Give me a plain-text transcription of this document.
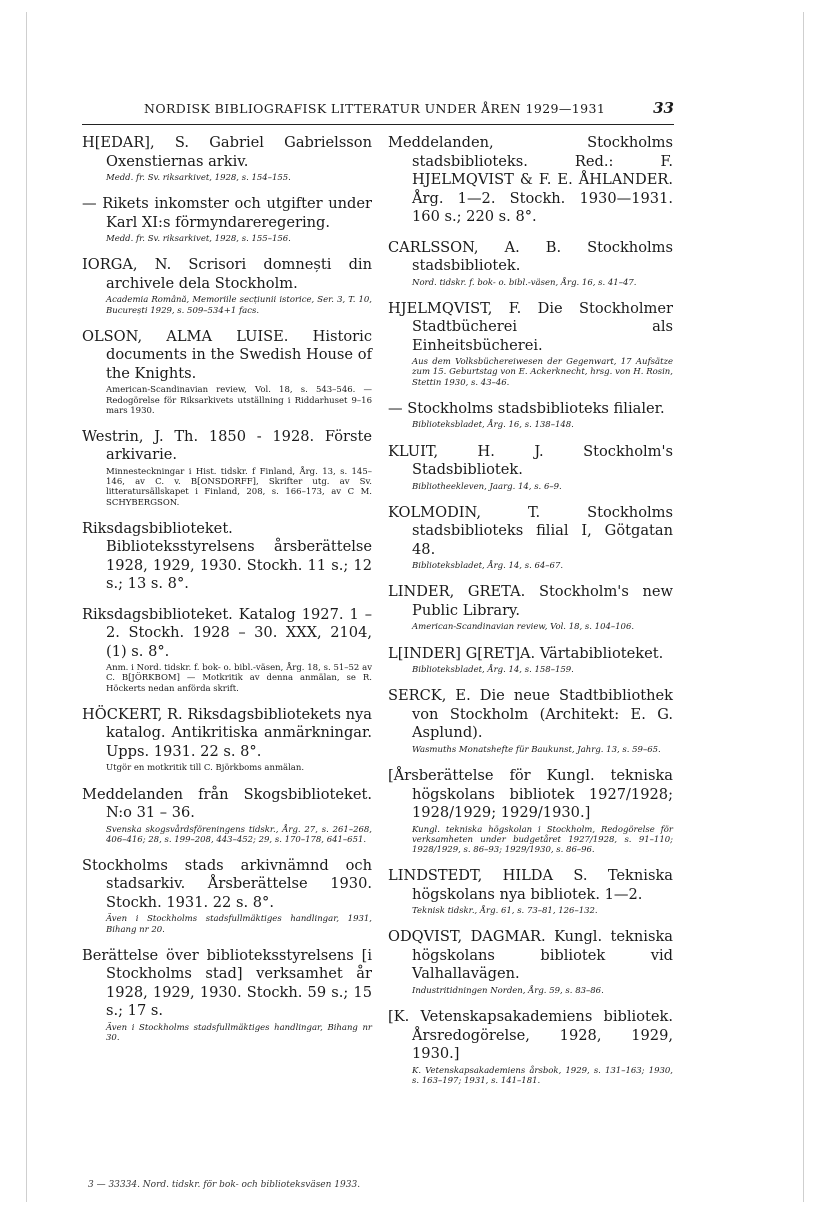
NORDISK BIBLIOGRAFISK LITTERATUR UNDER ÅREN 1929—1931	33
H[EDAR], S. Gabriel Gabrielsson Oxenstiernas arkiv.
Medd. fr. Sv. riksarkivet, 1928, s. 154–155.
— Rikets inkomster och utgifter under Karl XI:s förmyndareregering.
Medd. fr. Sv. riksarkivet, 1928, s. 155–156.
IORGA, N. Scrisori domnești din archivele dela Stockholm.
Academia Română, Memoriile secțiunii istorice, Ser. 3, T. 10, București 1929, s. 509–534+1 facs.
OLSON, ALMA LUISE. Historic documents in the Swedish House of the Knights.
American-Scandinavian review, Vol. 18, s. 543–546. — Redogörelse för Riksarkivets utställning i Riddarhuset 9–16 mars 1930.
Westrin, J. Th. 1850 - 1928. Förste arkivarie.
Minnesteckningar i Hist. tidskr. f Finland, Årg. 13, s. 145–146, av C. v. B[ONSDORFF], Skrifter utg. av Sv. litteratursällskapet i Finland, 208, s. 166–173, av C M. SCHYBERGSON.
Riksdagsbiblioteket. Biblioteksstyrelsens årsberättelse 1928, 1929, 1930. Stockh. 11 s.; 12 s.; 13 s. 8°.
Riksdagsbiblioteket. Katalog 1927. 1 – 2. Stockh. 1928 – 30. XXX, 2104, (1) s. 8°.
Anm. i Nord. tidskr. f. bok- o. bibl.-väsen, Årg. 18, s. 51–52 av C. B[JÖRKBOM] — Motkritik av denna anmälan, se R. Höckerts nedan anförda skrift.
HÖCKERT, R. Riksdagsbibliotekets nya katalog. Antikritiska anmärkningar. Upps. 1931. 22 s. 8°.
Utgör en motkritik till C. Björkboms anmälan.
Meddelanden från Skogsbiblioteket. N:o 31 – 36.
Svenska skogsvårdsföreningens tidskr., Årg. 27, s. 261–268, 406–416; 28, s. 199–208, 443–452; 29, s. 170–178, 641–651.
Stockholms stads arkivnämnd och stadsarkiv. Årsberättelse 1930. Stockh. 1931. 22 s. 8°.
Även i Stockholms stadsfullmäktiges handlingar, 1931, Bihang nr 20.
Berättelse över biblioteksstyrelsens [i Stockholms stad] verksamhet år 1928, 1929, 1930. Stockh. 59 s.; 15 s.; 17 s.
Även i Stockholms stadsfullmäktiges handlingar, Bihang nr 30.
Meddelanden, Stockholms stadsbiblioteks. Red.: F. HJELMQVIST & F. E. ÅHLANDER. Årg. 1—2. Stockh. 1930—1931. 160 s.; 220 s. 8°.
CARLSSON, A. B. Stockholms stadsbibliotek.
Nord. tidskr. f. bok- o. bibl.-väsen, Årg. 16, s. 41–47.
HJELMQVIST, F. Die Stockholmer Stadtbücherei als Einheitsbücherei.
Aus dem Volksbüchereiwesen der Gegenwart, 17 Aufsätze zum 15. Geburtstag von E. Ackerknecht, hrsg. von H. Rosin, Stettin 1930, s. 43–46.
— Stockholms stadsbiblioteks filialer.
Biblioteksbladet, Årg. 16, s. 138–148.
KLUIT, H. J. Stockholm's Stadsbibliotek.
Bibliotheekleven, Jaarg. 14, s. 6–9.
KOLMODIN, T. Stockholms stadsbiblioteks filial I, Götgatan 48.
Biblioteksbladet, Årg. 14, s. 64–67.
LINDER, GRETA. Stockholm's new Public Library.
American-Scandinavian review, Vol. 18, s. 104–106.
L[INDER] G[RET]A. Värtabiblioteket.
Biblioteksbladet, Årg. 14, s. 158–159.
SERCK, E. Die neue Stadtbibliothek von Stockholm (Architekt: E. G. Asplund).
Wasmuths Monatshefte für Baukunst, Jahrg. 13, s. 59–65.
[Årsberättelse för Kungl. tekniska högskolans bibliotek 1927/1928; 1928/1929; 1929/1930.]
Kungl. tekniska högskolan i Stockholm, Redogörelse för verksamheten under budgetåret 1927/1928, s. 91–110; 1928/1929, s. 86–93; 1929/1930, s. 86–96.
LINDSTEDT, HILDA S. Tekniska högskolans nya bibliotek. 1—2.
Teknisk tidskr., Årg. 61, s. 73–81, 126–132.
ODQVIST, DAGMAR. Kungl. tekniska högskolans bibliotek vid Valhallavägen.
Industritidningen Norden, Årg. 59, s. 83–86.
[K. Vetenskapsakademiens bibliotek. Årsredogörelse, 1928, 1929, 1930.]
K. Vetenskapsakademiens årsbok, 1929, s. 131–163; 1930, s. 163–197; 1931, s. 141–181.
3 — 33334. Nord. tidskr. för bok- och biblioteksväsen 1933.
